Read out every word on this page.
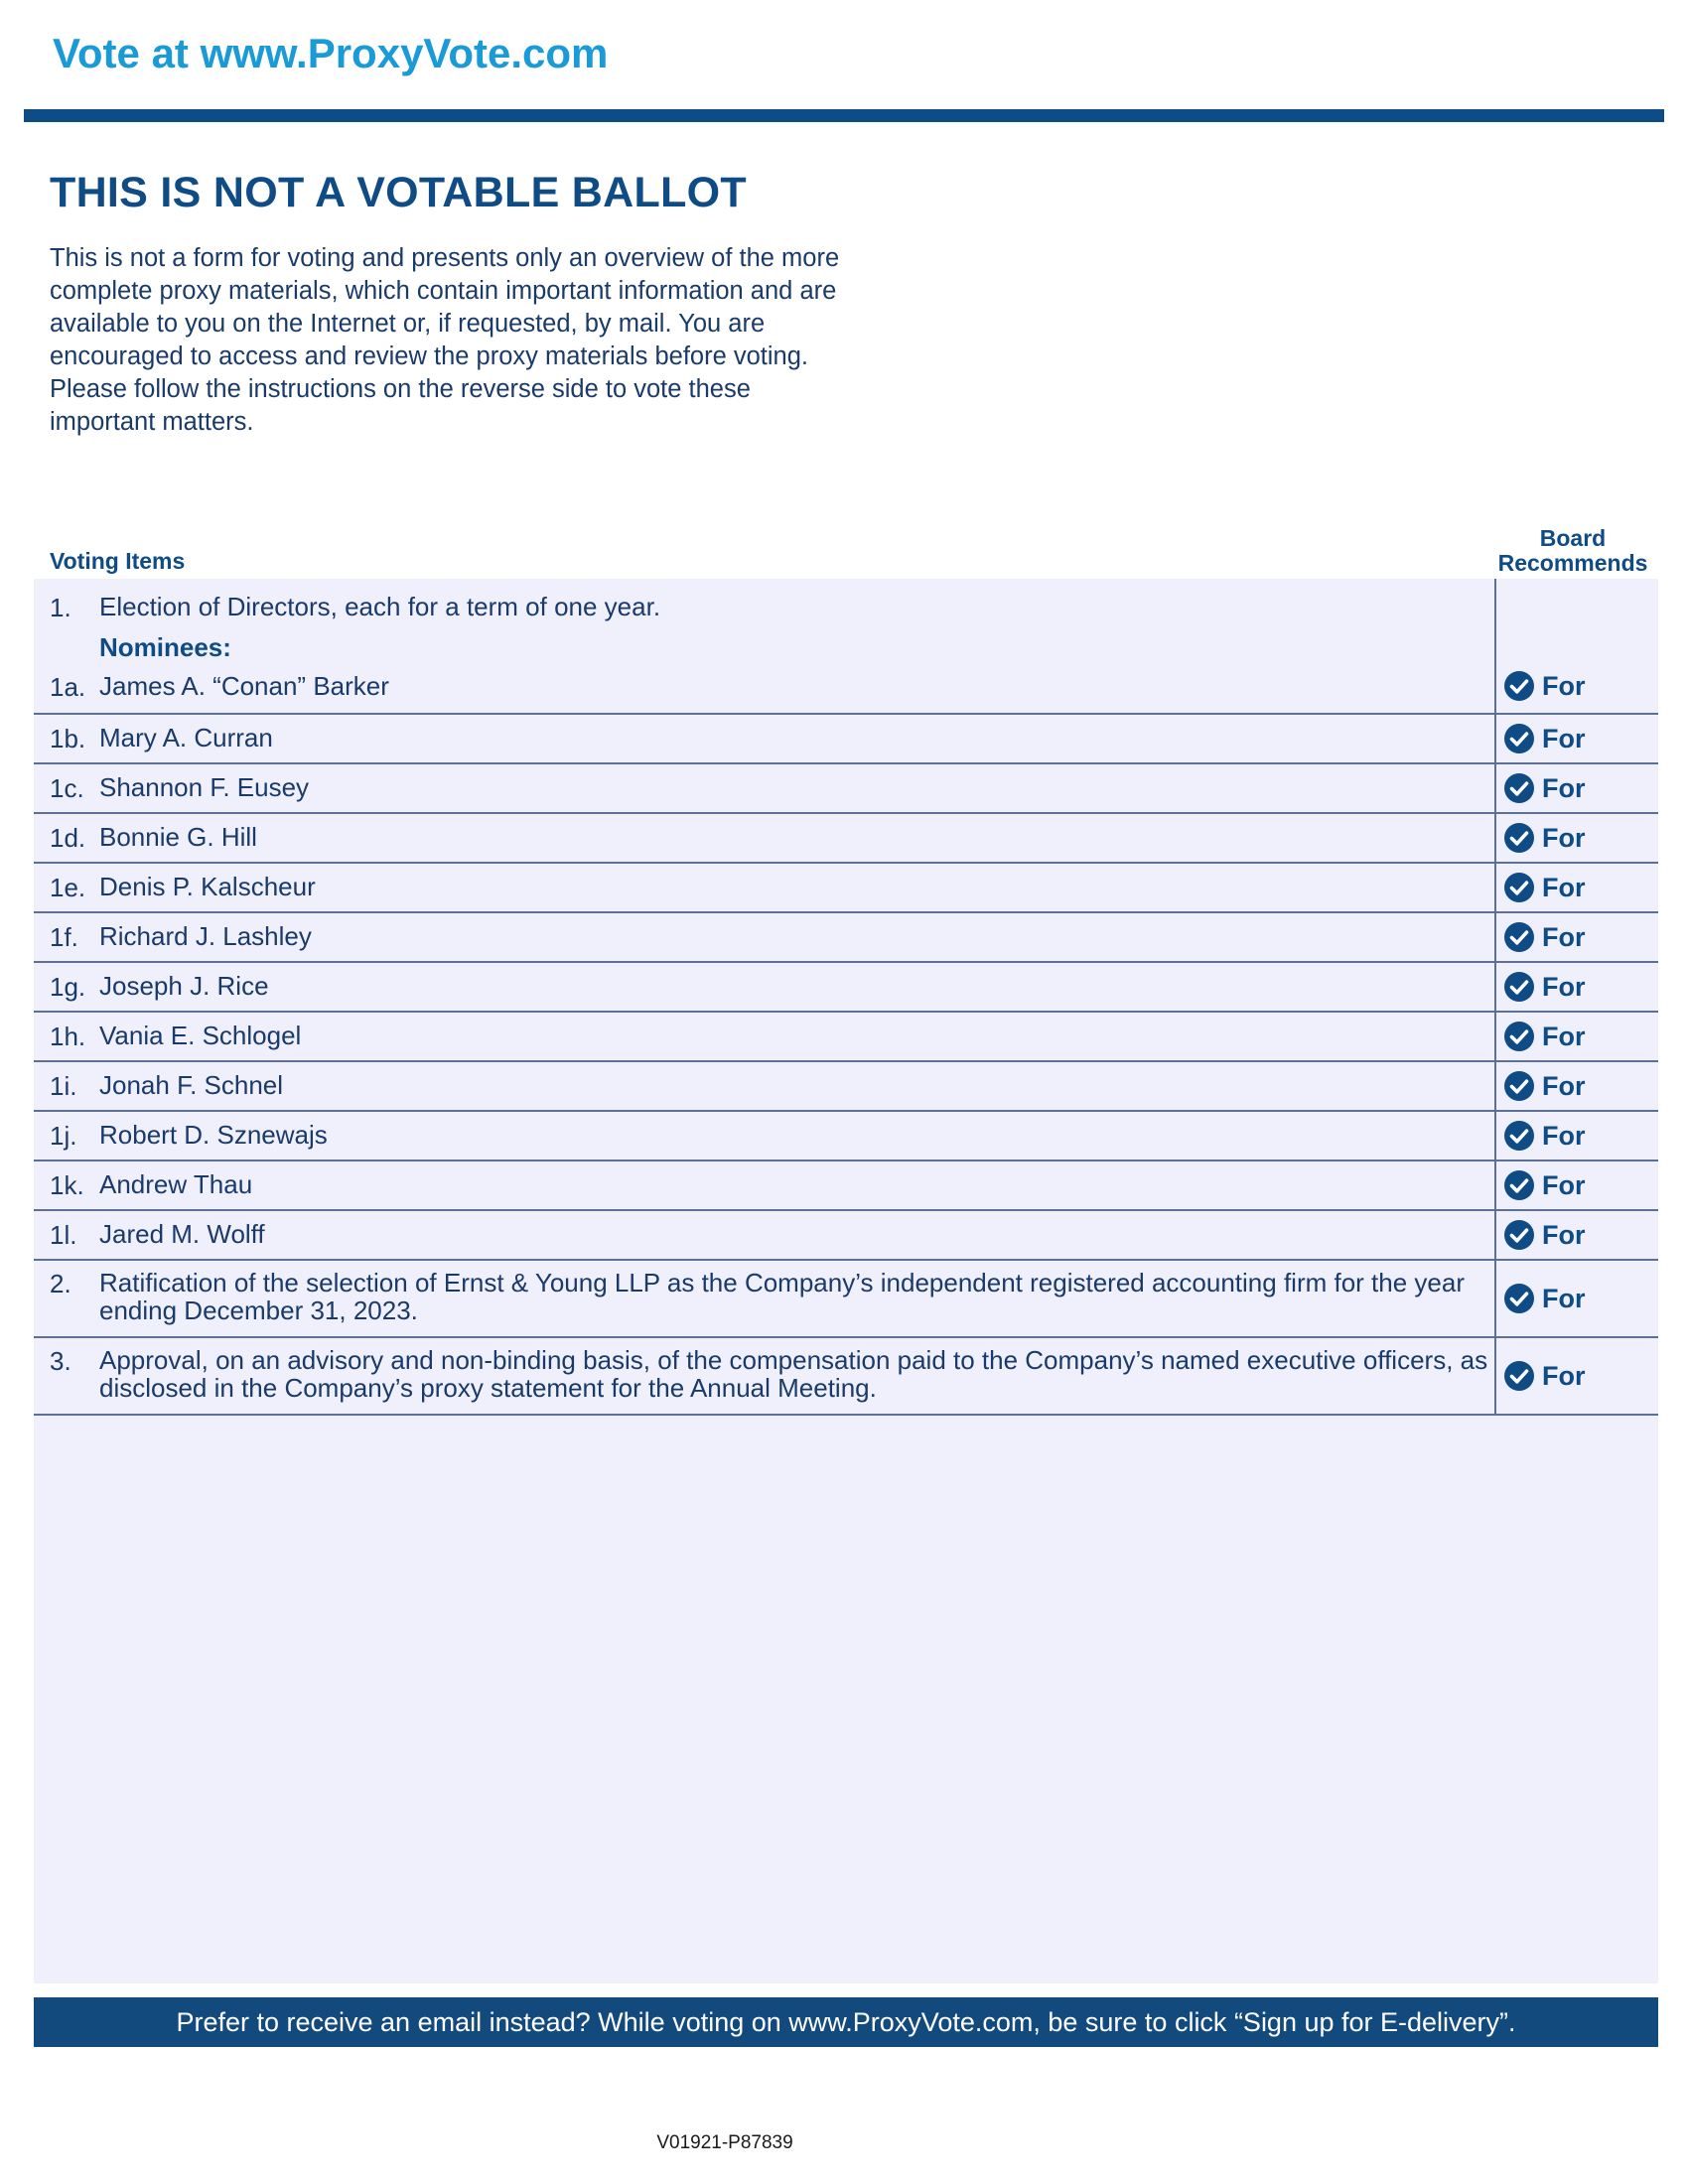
Vote at www.ProxyVote.com
THIS IS NOT A VOTABLE BALLOT

This is not a form for voting and presents only an overview of the more complete proxy materials, which contain important information and are available to you on the Internet or, if requested, by mail. You are encouraged to access and review the proxy materials before voting. Please follow the instructions on the reverse side to vote these important matters.

Voting Items
Board Recommends
1. Election of Directors, each for a term of one year.
Nominees:
1a. James A. “Conan” Barker	For
1b. Mary A. Curran	For
1c. Shannon F. Eusey	For
1d. Bonnie G. Hill	For
1e. Denis P. Kalscheur	For
1f. Richard J. Lashley	For
1g. Joseph J. Rice	For
1h. Vania E. Schlogel	For
1i. Jonah F. Schnel	For
1j. Robert D. Sznewajs	For
1k. Andrew Thau	For
1l. Jared M. Wolff	For
2. Ratification of the selection of Ernst & Young LLP as the Company’s independent registered accounting firm for the year ending December 31, 2023.	For
3. Approval, on an advisory and non-binding basis, of the compensation paid to the Company’s named executive officers, as disclosed in the Company’s proxy statement for the Annual Meeting.	For
Prefer to receive an email instead? While voting on www.ProxyVote.com, be sure to click “Sign up for E-delivery”.
V01921-P87839
